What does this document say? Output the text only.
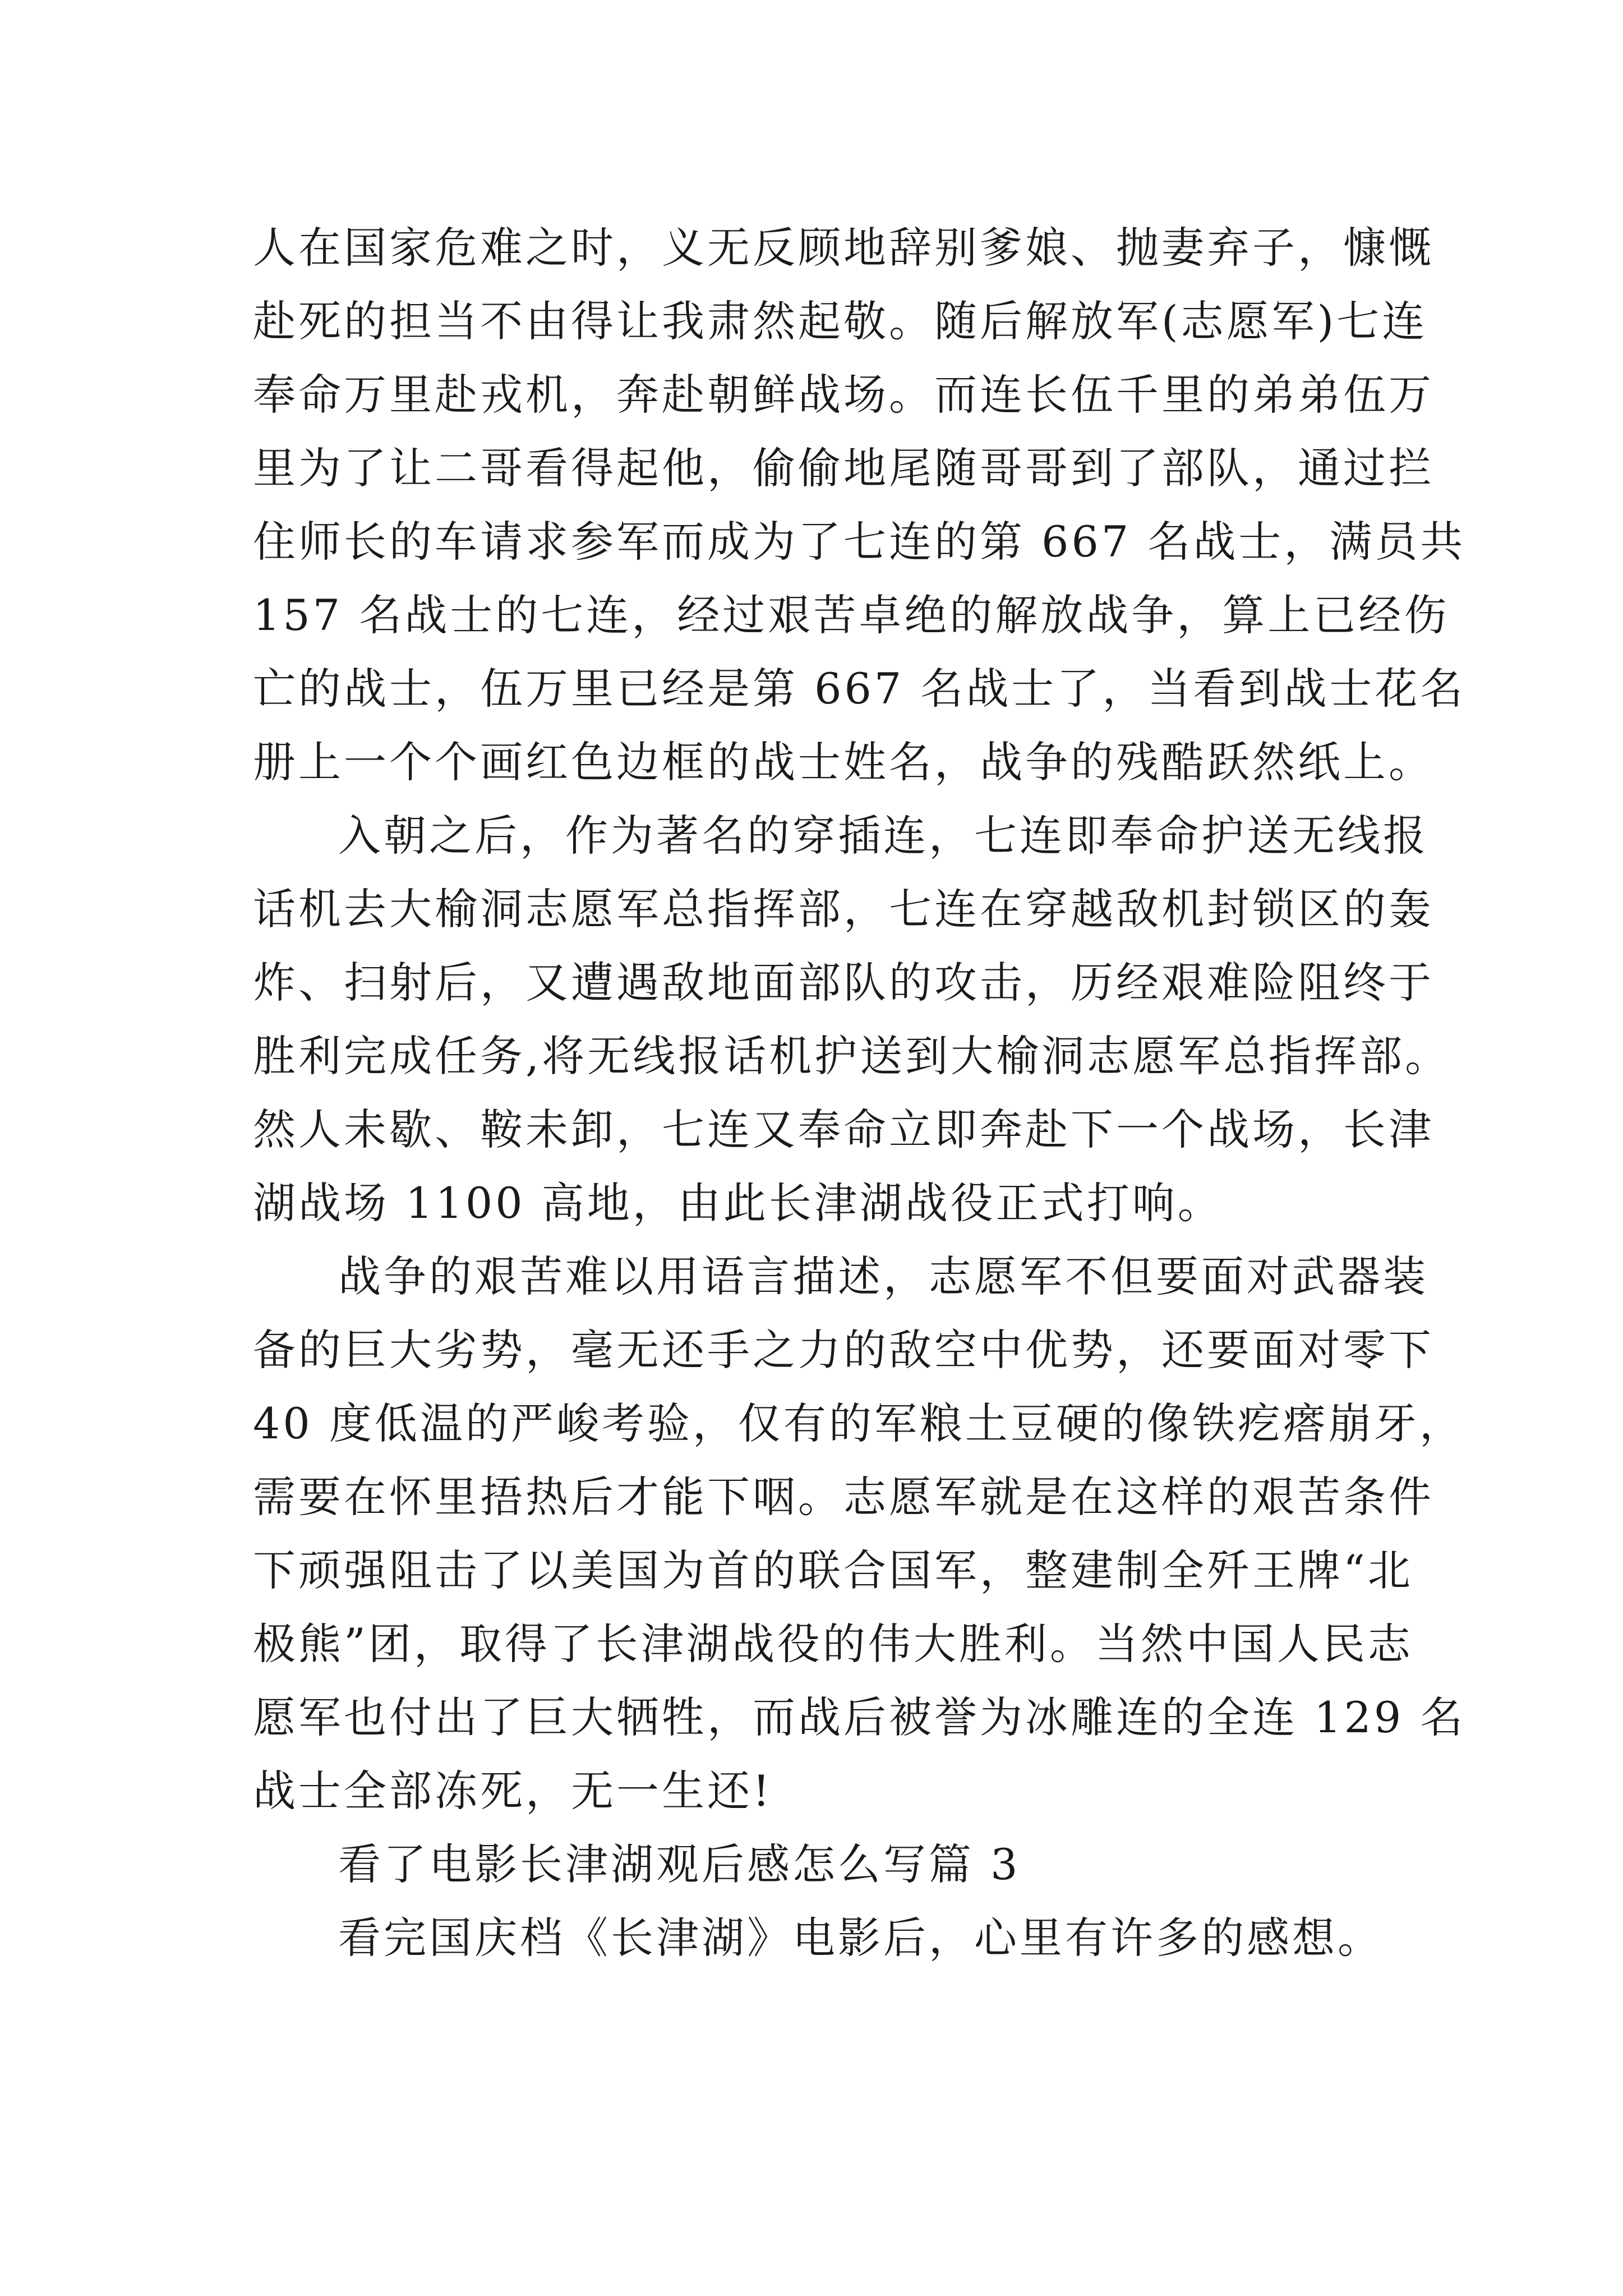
人在国家危难之时，义无反顾地辞别爹娘、抛妻弃子，慷慨
赴死的担当不由得让我肃然起敬。随后解放军(志愿军)七连
奉命万里赴戎机，奔赴朝鲜战场。而连长伍千里的弟弟伍万
里为了让二哥看得起他，偷偷地尾随哥哥到了部队，通过拦
住师长的车请求参军而成为了七连的第 667 名战士，满员共
157 名战士的七连，经过艰苦卓绝的解放战争，算上已经伤
亡的战士，伍万里已经是第 667 名战士了，当看到战士花名
册上一个个画红色边框的战士姓名，战争的残酷跃然纸上。

入朝之后，作为著名的穿插连，七连即奉命护送无线报
话机去大榆洞志愿军总指挥部，七连在穿越敌机封锁区的轰
炸、扫射后，又遭遇敌地面部队的攻击，历经艰难险阻终于
胜利完成任务,将无线报话机护送到大榆洞志愿军总指挥部。
然人未歇、鞍未卸，七连又奉命立即奔赴下一个战场，长津
湖战场 1100 高地，由此长津湖战役正式打响。

战争的艰苦难以用语言描述，志愿军不但要面对武器装
备的巨大劣势，毫无还手之力的敌空中优势，还要面对零下
40 度低温的严峻考验，仅有的军粮土豆硬的像铁疙瘩崩牙，
需要在怀里捂热后才能下咽。志愿军就是在这样的艰苦条件
下顽强阻击了以美国为首的联合国军，整建制全歼王牌“北
极熊”团，取得了长津湖战役的伟大胜利。当然中国人民志
愿军也付出了巨大牺牲，而战后被誉为冰雕连的全连 129 名
战士全部冻死，无一生还!

看了电影长津湖观后感怎么写篇 3

看完国庆档《长津湖》电影后，心里有许多的感想。
